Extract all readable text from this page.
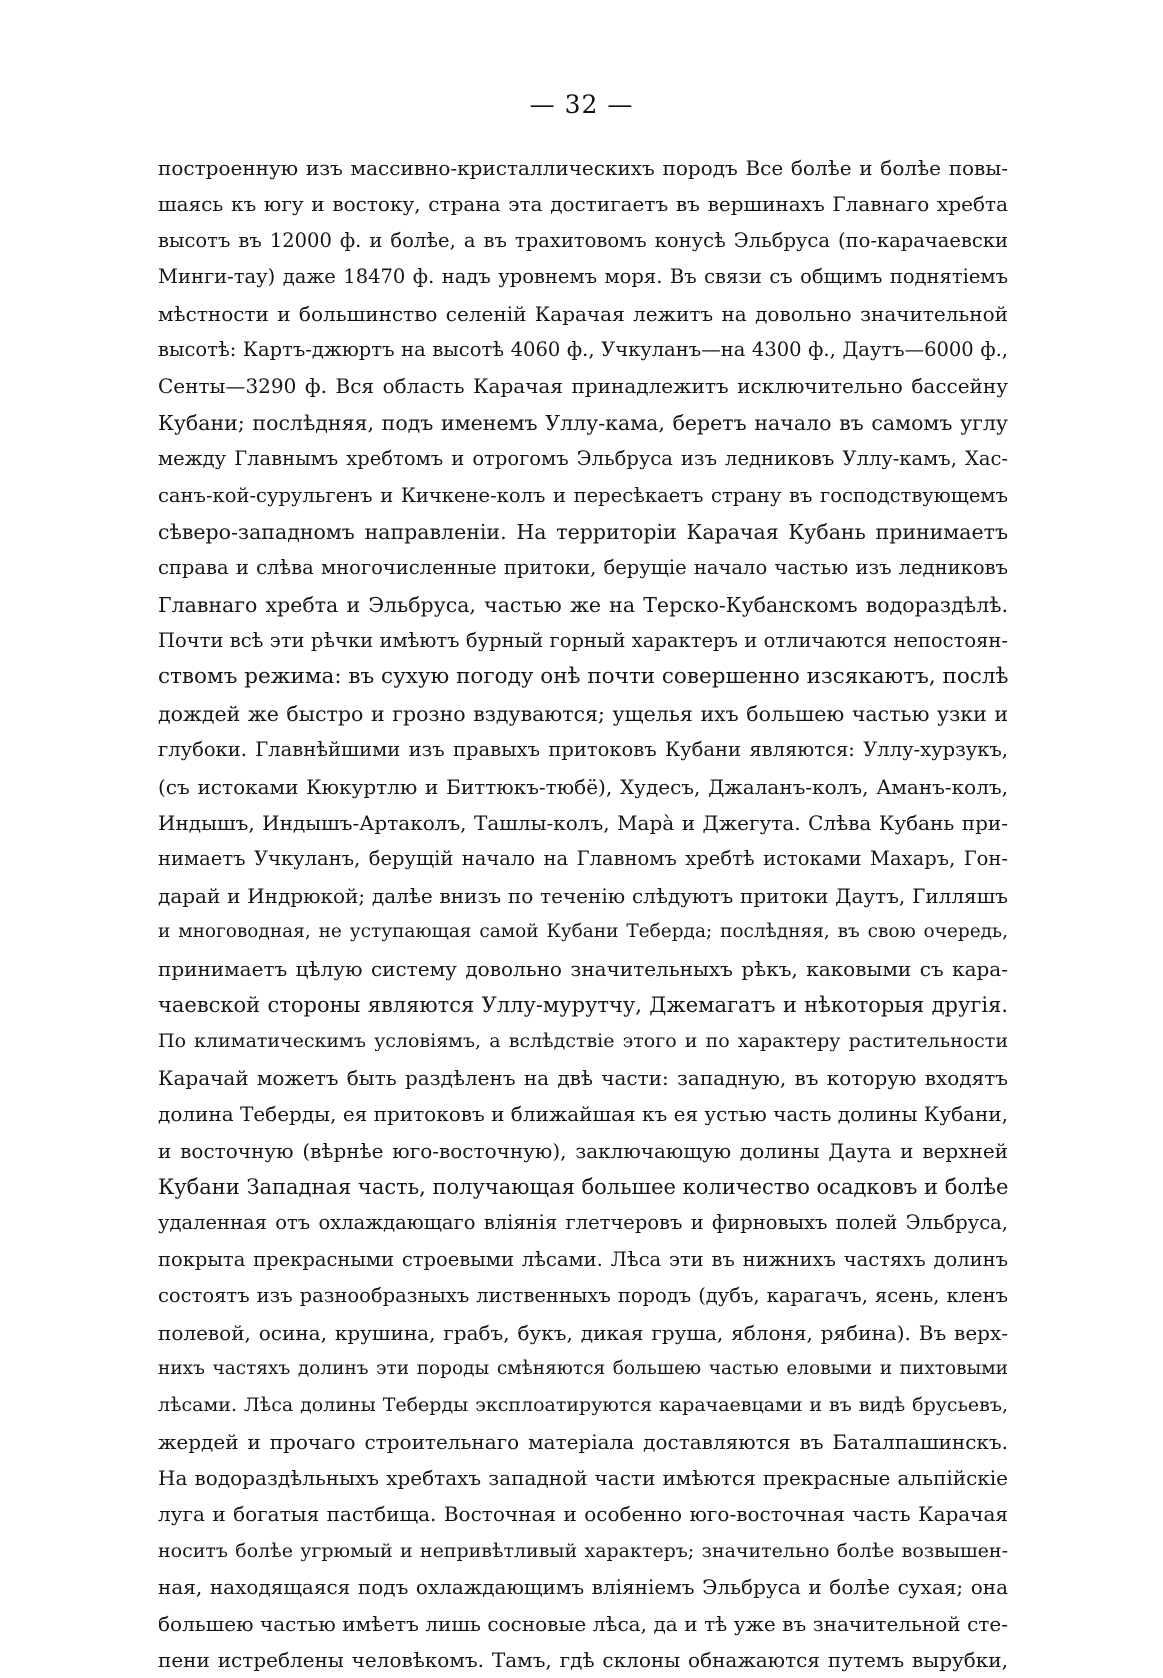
— 32 —
построенную изъ массивно-кристаллическихъ породъ Все болѣе и болѣе повы-
шаясь къ югу и востоку, страна эта достигаетъ въ вершинахъ Главнаго хребта
высотъ въ 12000 ф. и болѣе, а въ трахитовомъ конусѣ Эльбруса (по-карачаевски
Минги-тау) даже 18470 ф. надъ уровнемъ моря. Въ связи съ общимъ поднятіемъ
мѣстности и большинство селеній Карачая лежитъ на довольно значительной
высотѣ: Картъ-джюртъ на высотѣ 4060 ф., Учкуланъ—на 4300 ф., Даутъ—6000 ф.,
Сенты—3290 ф. Вся область Карачая принадлежитъ исключительно бассейну
Кубани; послѣдняя, подъ именемъ Уллу-кама, беретъ начало въ самомъ углу
между Главнымъ хребтомъ и отрогомъ Эльбруса изъ ледниковъ Уллу-камъ, Хас-
санъ-кой-сурульгенъ и Кичкене-колъ и пересѣкаетъ страну въ господствующемъ
сѣверо-западномъ направленіи. На территоріи Карачая Кубань принимаетъ
справа и слѣва многочисленные притоки, берущіе начало частью изъ ледниковъ
Главнаго хребта и Эльбруса, частью же на Терско-Кубанскомъ водораздѣлѣ.
Почти всѣ эти рѣчки имѣютъ бурный горный характеръ и отличаются непостоян-
ствомъ режима: въ сухую погоду онѣ почти совершенно изсякаютъ, послѣ
дождей же быстро и грозно вздуваются; ущелья ихъ большею частью узки и
глубоки. Главнѣйшими изъ правыхъ притоковъ Кубани являются: Уллу-хурзукъ,
(съ истоками Кюкуртлю и Биттюкъ-тюбё), Худесъ, Джаланъ-колъ, Аманъ-колъ,
Индышъ, Индышъ-Артаколъ, Ташлы-колъ, Марà и Джегута. Слѣва Кубань при-
нимаетъ Учкуланъ, берущій начало на Главномъ хребтѣ истоками Махаръ, Гон-
дарай и Индрюкой; далѣе внизъ по теченію слѣдуютъ притоки Даутъ, Гилляшъ
и многоводная, не уступающая самой Кубани Теберда; послѣдняя, въ свою очередь,
принимаетъ цѣлую систему довольно значительныхъ рѣкъ, каковыми съ кара-
чаевской стороны являются Уллу-мурутчу, Джемагатъ и нѣкоторыя другія.
По климатическимъ условіямъ, а вслѣдствіе этого и по характеру растительности
Карачай можетъ быть раздѣленъ на двѣ части: западную, въ которую входятъ
долина Теберды, ея притоковъ и ближайшая къ ея устью часть долины Кубани,
и восточную (вѣрнѣе юго-восточную), заключающую долины Даута и верхней
Кубани Западная часть, получающая большее количество осадковъ и болѣе
удаленная отъ охлаждающаго вліянія глетчеровъ и фирновыхъ полей Эльбруса,
покрыта прекрасными строевыми лѣсами. Лѣса эти въ нижнихъ частяхъ долинъ
состоятъ изъ разнообразныхъ лиственныхъ породъ (дубъ, карагачъ, ясень, кленъ
полевой, осина, крушина, грабъ, букъ, дикая груша, яблоня, рябина). Въ верх-
нихъ частяхъ долинъ эти породы смѣняются большею частью еловыми и пихтовыми
лѣсами. Лѣса долины Теберды эксплоатируются карачаевцами и въ видѣ брусьевъ,
жердей и прочаго строительнаго матеріала доставляются въ Баталпашинскъ.
На водораздѣльныхъ хребтахъ западной части имѣются прекрасные альпійскіе
луга и богатыя пастбища. Восточная и особенно юго-восточная часть Карачая
носитъ болѣе угрюмый и непривѣтливый характеръ; значительно болѣе возвышен-
ная, находящаяся подъ охлаждающимъ вліяніемъ Эльбруса и болѣе сухая; она
большею частью имѣетъ лишь сосновые лѣса, да и тѣ уже въ значительной сте-
пени истреблены человѣкомъ. Тамъ, гдѣ склоны обнажаются путемъ вырубки,
